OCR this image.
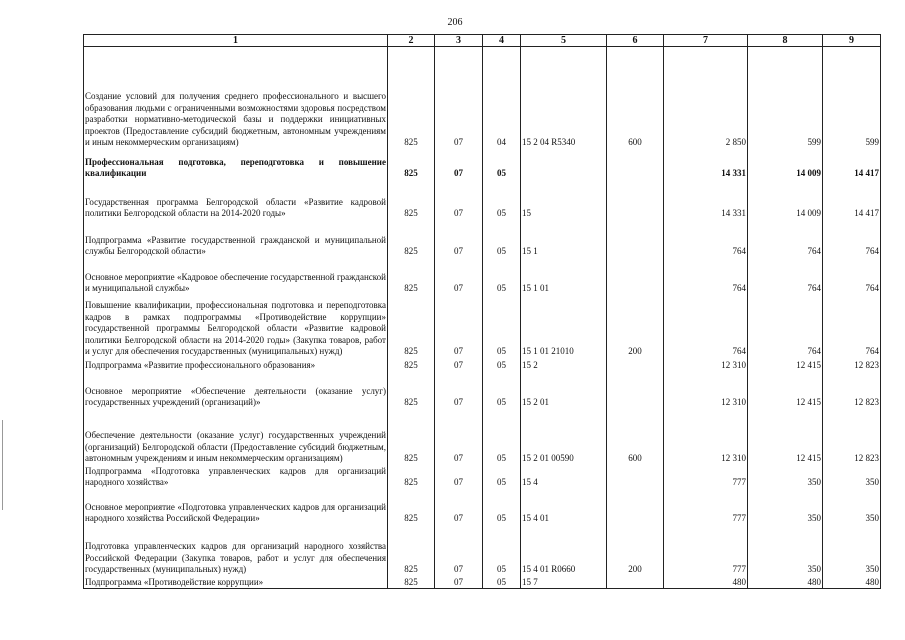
206
1	2	3	4	5	6	7	8	9
Создание условий для получения среднего профессионального и высшего образования людьми с ограниченными возможностями здоровья посредством разработки нормативно-методической базы и поддержки инициативных проектов (Предоставление субсидий бюджетным, автономным учреждениям и иным некоммерческим организациям)	825	07	04	15 2 04 R5340	600	2 850	599	599
Профессиональная подготовка, переподготовка и повышение квалификации	825	07	05			14 331	14 009	14 417
Государственная программа Белгородской области «Развитие кадровой политики Белгородской области на 2014-2020 годы»	825	07	05	15		14 331	14 009	14 417
Подпрограмма «Развитие государственной гражданской и муниципальной службы Белгородской области»	825	07	05	15 1		764	764	764
Основное мероприятие «Кадровое обеспечение государственной гражданской и муниципальной службы»	825	07	05	15 1 01		764	764	764
Повышение квалификации, профессиональная подготовка и переподготовка кадров в рамках подпрограммы «Противодействие коррупции» государственной программы Белгородской области «Развитие кадровой политики Белгородской области на 2014-2020 годы» (Закупка товаров, работ и услуг для обеспечения государственных (муниципальных) нужд)	825	07	05	15 1 01 21010	200	764	764	764
Подпрограмма «Развитие профессионального образования»	825	07	05	15 2		12 310	12 415	12 823
Основное мероприятие «Обеспечение деятельности (оказание услуг) государственных учреждений (организаций)»	825	07	05	15 2 01		12 310	12 415	12 823
Обеспечение деятельности (оказание услуг) государственных учреждений (организаций) Белгородской области (Предоставление субсидий бюджетным, автономным учреждениям и иным некоммерческим организациям)	825	07	05	15 2 01 00590	600	12 310	12 415	12 823
Подпрограмма «Подготовка управленческих кадров для организаций народного хозяйства»	825	07	05	15 4		777	350	350
Основное мероприятие «Подготовка управленческих кадров для организаций народного хозяйства Российской Федерации»	825	07	05	15 4 01		777	350	350
Подготовка управленческих кадров для организаций народного хозяйства Российской Федерации (Закупка товаров, работ и услуг для обеспечения государственных (муниципальных) нужд)	825	07	05	15 4 01 R0660	200	777	350	350
Подпрограмма «Противодействие коррупции»	825	07	05	15 7		480	480	480
